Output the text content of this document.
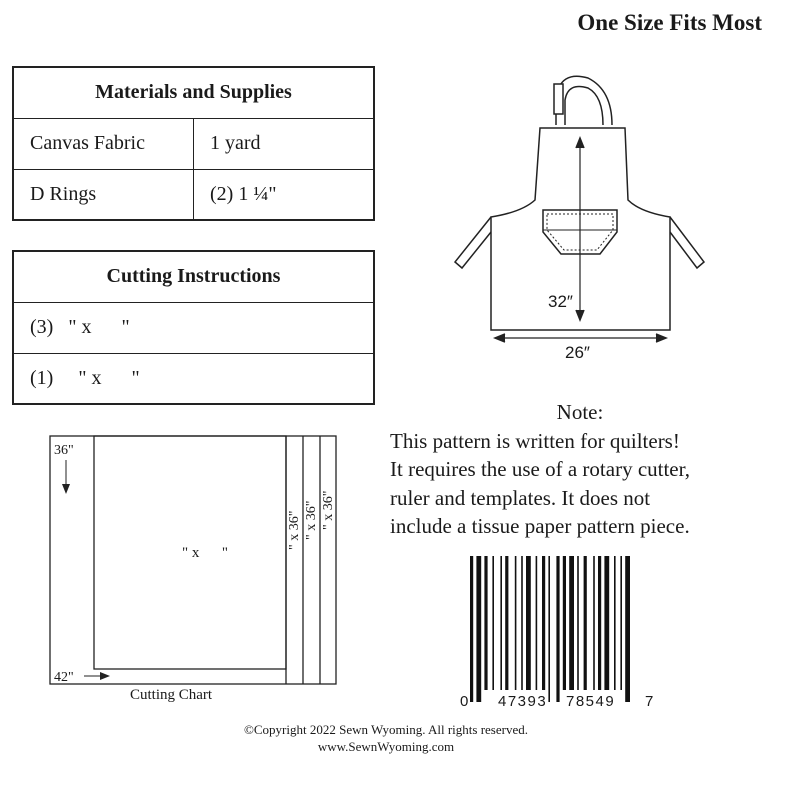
One Size Fits Most
Materials and Supplies	
Canvas Fabric	1 yard
D Rings	(2) 1 ¼"
Cutting Instructions
(3)   " x      "
(1)     " x      "
32″
26″
Note:
This pattern is written for quilters!
It requires the use of a rotary cutter,
ruler and templates. It does not
include a tissue paper pattern piece.
36"
42"
" x      "
" x 36" " x 36" " x 36"
Cutting Chart	0 47393 78549 7
©Copyright 2022 Sewn Wyoming. All rights reserved.
www.SewnWyoming.com
